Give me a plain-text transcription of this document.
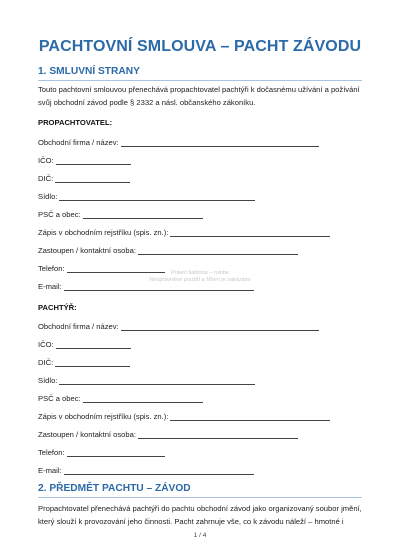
PACHTOVNÍ SMLOUVA – PACHT ZÁVODU
1. SMLUVNÍ STRANY
Touto pachtovní smlouvou přenechává propachtovatel pachtýři k dočasnému užívání a požívání
svůj obchodní závod podle § 2332 a násl. občanského zákoníku.
PROPACHTOVATEL:
Obchodní firma / název:
IČO:
DIČ:
Sídlo:
PSČ a obec:
Zápis v obchodním rejstříku (spis. zn.):
Zastoupen / kontaktní osoba:
Telefon:
E-mail:
Právní šablona – ruinbe
Neoprávněné použití a šíření je zakázáno
PACHTÝŘ:
Obchodní firma / název:
IČO:
DIČ:
Sídlo:
PSČ a obec:
Zápis v obchodním rejstříku (spis. zn.):
Zastoupen / kontaktní osoba:
Telefon:
E-mail:
2. PŘEDMĚT PACHTU – ZÁVOD
Propachtovatel přenechává pachtýři do pachtu obchodní závod jako organizovaný soubor jmění,
který slouží k provozování jeho činnosti. Pacht zahrnuje vše, co k závodu náleží – hmotné i
1 / 4
